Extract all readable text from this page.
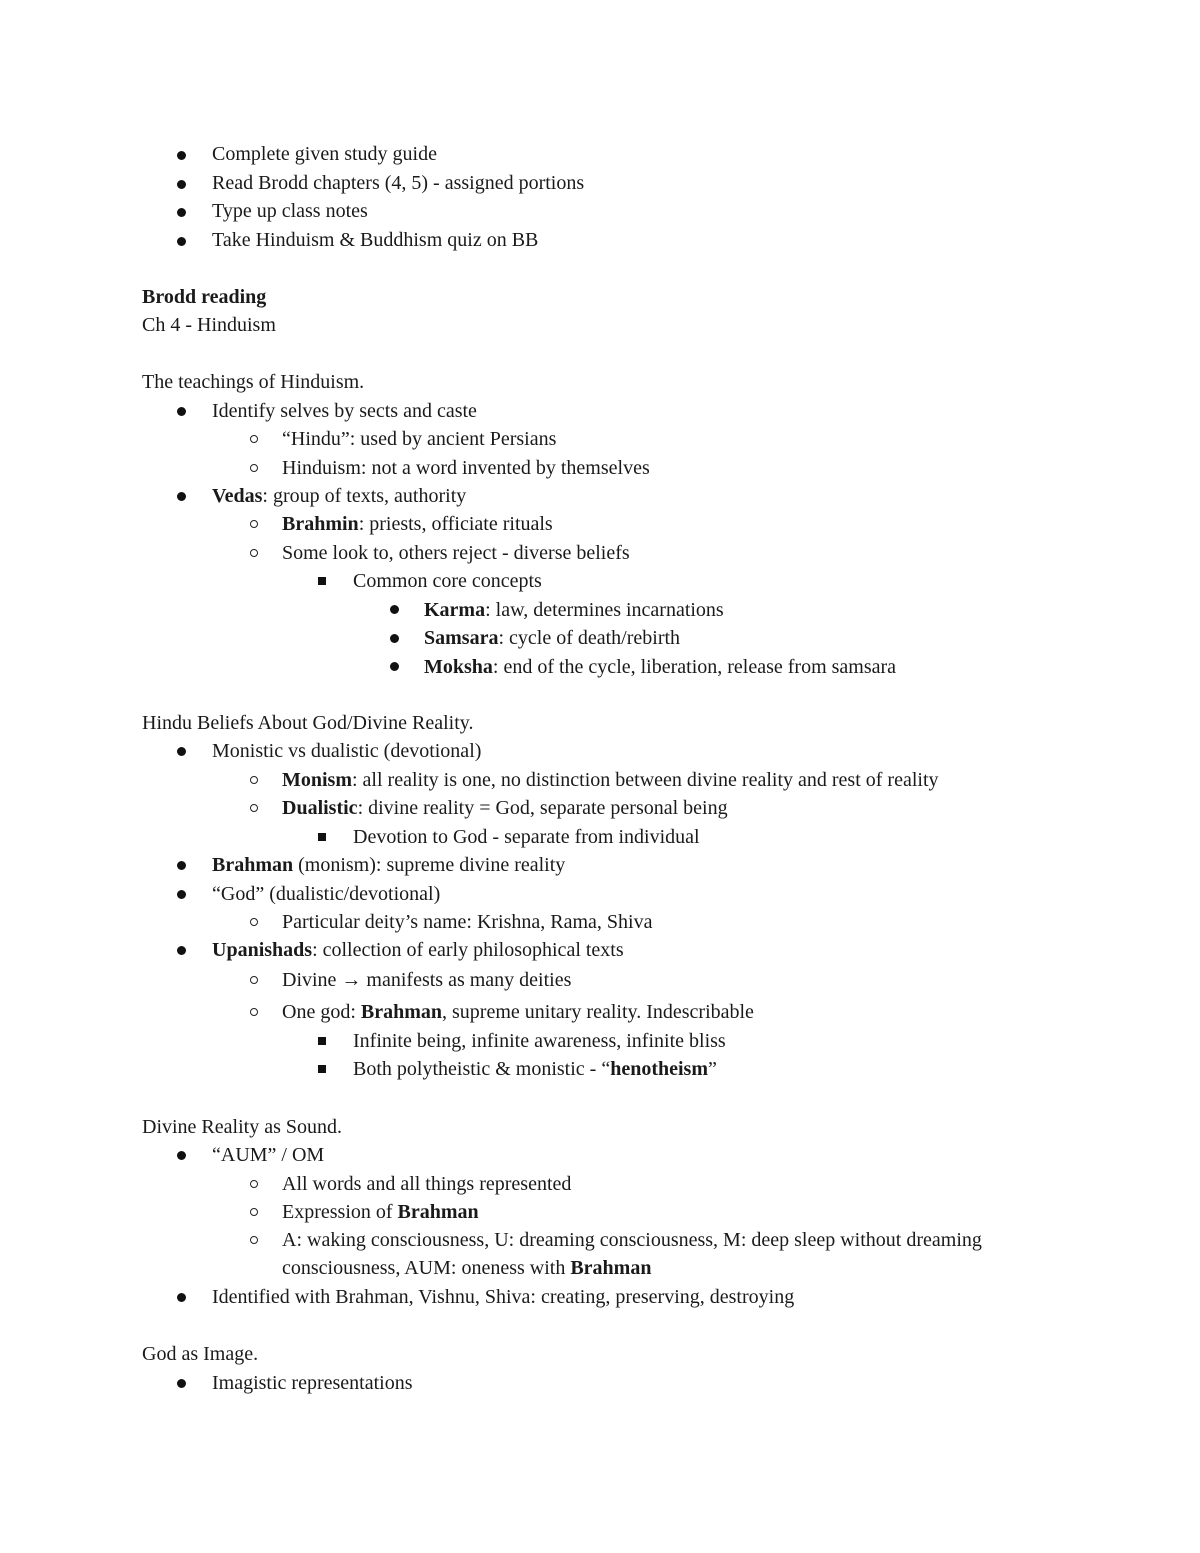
Complete given study guide
Read Brodd chapters (4, 5) - assigned portions
Type up class notes
Take Hinduism & Buddhism quiz on BB
Brodd reading
Ch 4 - Hinduism
The teachings of Hinduism.
Identify selves by sects and caste
“Hindu”: used by ancient Persians
Hinduism: not a word invented by themselves
Vedas: group of texts, authority
Brahmin: priests, officiate rituals
Some look to, others reject - diverse beliefs
Common core concepts
Karma: law, determines incarnations
Samsara: cycle of death/rebirth
Moksha: end of the cycle, liberation, release from samsara
Hindu Beliefs About God/Divine Reality.
Monistic vs dualistic (devotional)
Monism: all reality is one, no distinction between divine reality and rest of reality
Dualistic: divine reality = God, separate personal being
Devotion to God - separate from individual
Brahman (monism): supreme divine reality
“God” (dualistic/devotional)
Particular deity’s name: Krishna, Rama, Shiva
Upanishads: collection of early philosophical texts
Divine → manifests as many deities
One god: Brahman, supreme unitary reality. Indescribable
Infinite being, infinite awareness, infinite bliss
Both polytheistic & monistic - “henotheism”
Divine Reality as Sound.
“AUM” / OM
All words and all things represented
Expression of Brahman
A: waking consciousness, U: dreaming consciousness, M: deep sleep without dreaming
consciousness, AUM: oneness with Brahman
Identified with Brahman, Vishnu, Shiva: creating, preserving, destroying
God as Image.
Imagistic representations
